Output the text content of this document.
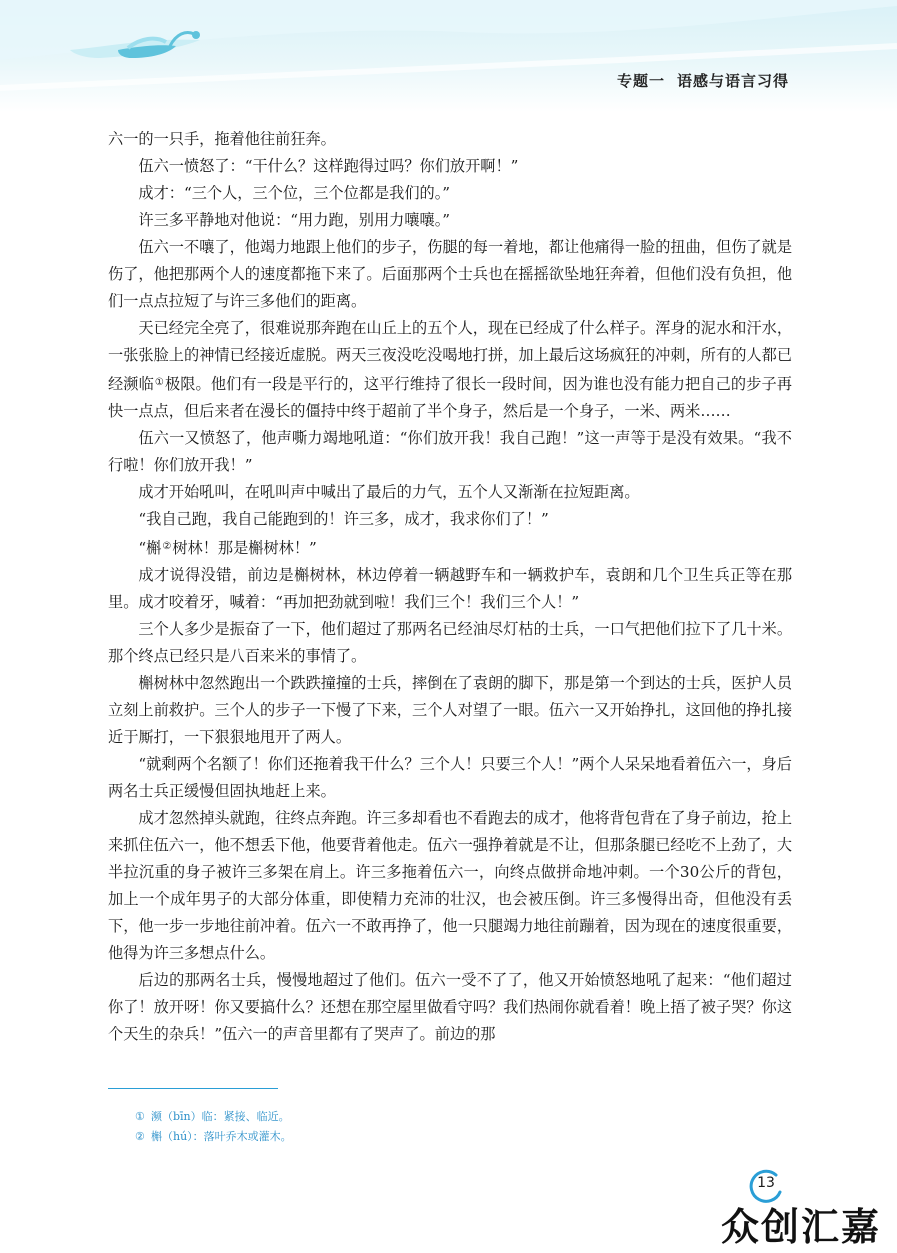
专题一 语感与语言习得

六一的一只手，拖着他往前狂奔。

伍六一愤怒了：“干什么？这样跑得过吗？你们放开啊！”

成才：“三个人，三个位，三个位都是我们的。”

许三多平静地对他说：“用力跑，别用力嚷嚷。”

伍六一不嚷了，他竭力地跟上他们的步子，伤腿的每一着地，都让他痛得一脸的扭曲，但伤了就是伤了，他把那两个人的速度都拖下来了。后面那两个士兵也在摇摇欲坠地狂奔着，但他们没有负担，他们一点点拉短了与许三多他们的距离。

天已经完全亮了，很难说那奔跑在山丘上的五个人，现在已经成了什么样子。浑身的泥水和汗水，一张张脸上的神情已经接近虚脱。两天三夜没吃没喝地打拼，加上最后这场疯狂的冲刺，所有的人都已经濒临①极限。他们有一段是平行的，这平行维持了很长一段时间，因为谁也没有能力把自己的步子再快一点点，但后来者在漫长的僵持中终于超前了半个身子，然后是一个身子，一米、两米……

伍六一又愤怒了，他声嘶力竭地吼道：“你们放开我！我自己跑！”这一声等于是没有效果。“我不行啦！你们放开我！”

成才开始吼叫，在吼叫声中喊出了最后的力气，五个人又渐渐在拉短距离。

“我自己跑，我自己能跑到的！许三多，成才，我求你们了！”

“槲②树林！那是槲树林！”

成才说得没错，前边是槲树林，林边停着一辆越野车和一辆救护车，袁朗和几个卫生兵正等在那里。成才咬着牙，喊着：“再加把劲就到啦！我们三个！我们三个人！”

三个人多少是振奋了一下，他们超过了那两名已经油尽灯枯的士兵，一口气把他们拉下了几十米。那个终点已经只是八百来米的事情了。

槲树林中忽然跑出一个跌跌撞撞的士兵，摔倒在了袁朗的脚下，那是第一个到达的士兵，医护人员立刻上前救护。三个人的步子一下慢了下来，三个人对望了一眼。伍六一又开始挣扎，这回他的挣扎接近于厮打，一下狠狠地甩开了两人。

“就剩两个名额了！你们还拖着我干什么？三个人！只要三个人！”两个人呆呆地看着伍六一，身后两名士兵正缓慢但固执地赶上来。

成才忽然掉头就跑，往终点奔跑。许三多却看也不看跑去的成才，他将背包背在了身子前边，抢上来抓住伍六一，他不想丢下他，他要背着他走。伍六一强挣着就是不让，但那条腿已经吃不上劲了，大半拉沉重的身子被许三多架在肩上。许三多拖着伍六一，向终点做拼命地冲刺。一个30公斤的背包，加上一个成年男子的大部分体重，即使精力充沛的壮汉，也会被压倒。许三多慢得出奇，但他没有丢下，他一步一步地往前冲着。伍六一不敢再挣了，他一只腿竭力地往前蹦着，因为现在的速度很重要，他得为许三多想点什么。

后边的那两名士兵，慢慢地超过了他们。伍六一受不了了，他又开始愤怒地吼了起来：“他们超过你了！放开呀！你又要搞什么？还想在那空屋里做看守吗？我们热闹你就看着！晚上捂了被子哭？你这个天生的杂兵！”伍六一的声音里都有了哭声了。前边的那

① 濒（bīn）临：紧接、临近。
② 槲（hú）：落叶乔木或灌木。
13
众创汇嘉
